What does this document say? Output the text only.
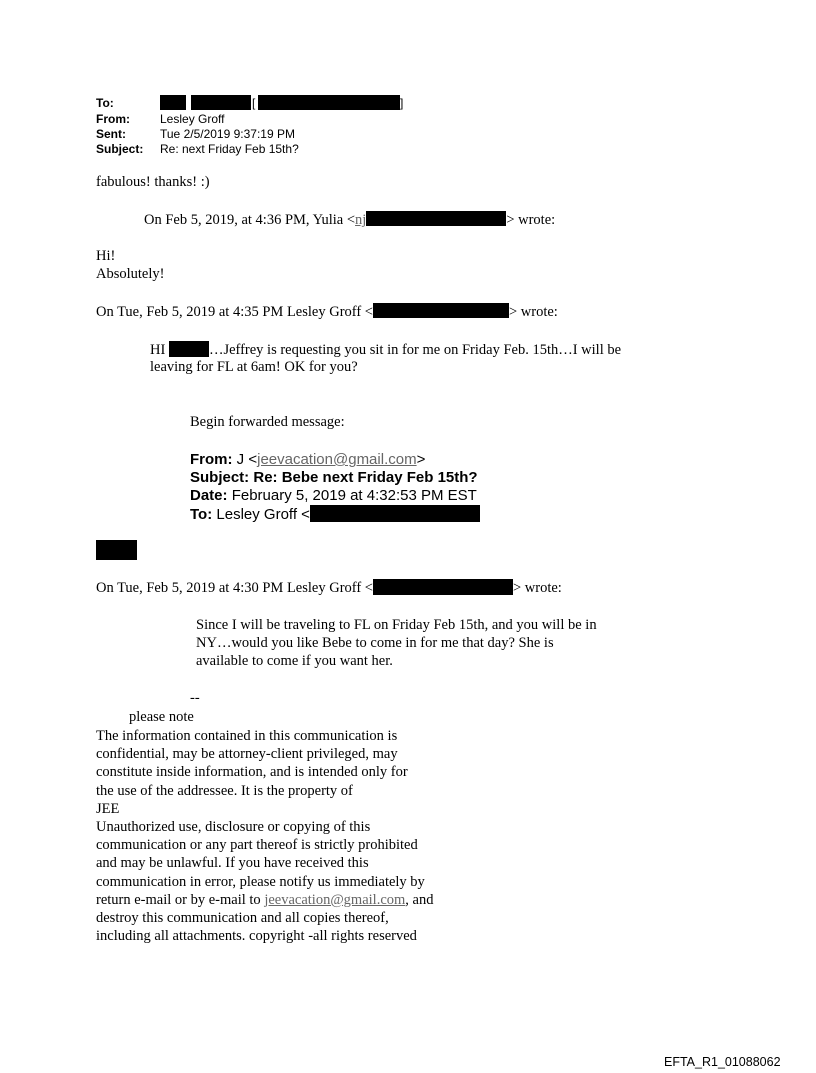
To:	[	]
From:	Lesley Groff
Sent:	Tue 2/5/2019 9:37:19 PM
Subject: Re: next Friday Feb 15th?
fabulous! thanks! :)
On Feb 5, 2019, at 4:36 PM, Yulia <nj	> wrote:
Hi!
Absolutely!
On Tue, Feb 5, 2019 at 4:35 PM Lesley Groff <	> wrote:
HI	…Jeffrey is requesting you sit in for me on Friday Feb. 15th…I will be
leaving for FL at 6am! OK for you?
Begin forwarded message:
From: J <jeevacation@gmail.com>
Subject: Re: Bebe next Friday Feb 15th?
Date: February 5, 2019 at 4:32:53 PM EST
To: Lesley Groff <
On Tue, Feb 5, 2019 at 4:30 PM Lesley Groff <	> wrote:
Since I will be traveling to FL on Friday Feb 15th, and you will be in
NY…would you like Bebe to come in for me that day? She is
available to come if you want her.
--
please note
The information contained in this communication is
confidential, may be attorney-client privileged, may
constitute inside information, and is intended only for
the use of the addressee. It is the property of
JEE
Unauthorized use, disclosure or copying of this
communication or any part thereof is strictly prohibited
and may be unlawful. If you have received this
communication in error, please notify us immediately by
return e-mail or by e-mail to jeevacation@gmail.com, and
destroy this communication and all copies thereof,
including all attachments. copyright -all rights reserved
EFTA_R1_01088062
